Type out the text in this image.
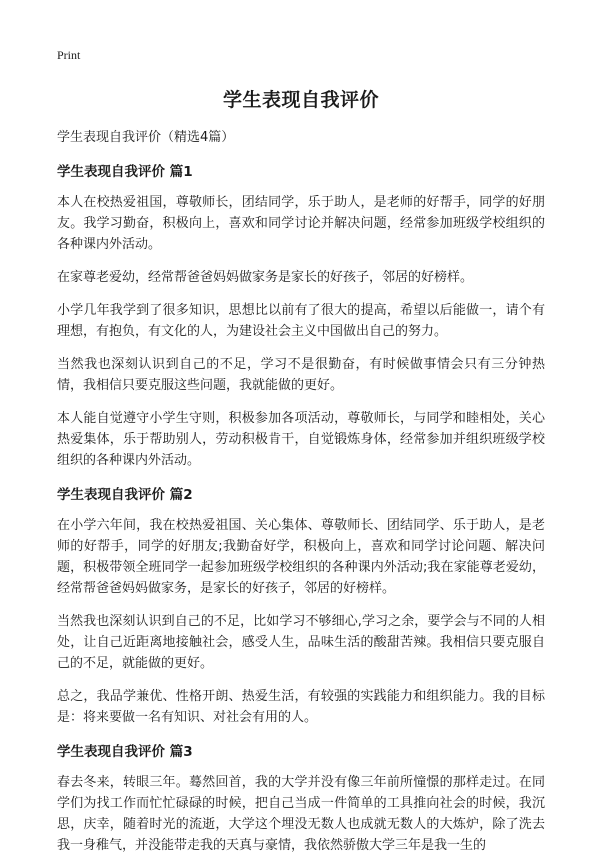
Print
学生表现自我评价

学生表现自我评价（精选4篇）

学生表现自我评价 篇1

本人在校热爱祖国，尊敬师长，团结同学，乐于助人，是老师的好帮手，同学的好朋友。我学习勤奋，积极向上，喜欢和同学讨论并解决问题，经常参加班级学校组织的各种课内外活动。

在家尊老爱幼，经常帮爸爸妈妈做家务是家长的好孩子，邻居的好榜样。

小学几年我学到了很多知识，思想比以前有了很大的提高，希望以后能做一，请个有理想，有抱负，有文化的人，为建设社会主义中国做出自己的努力。

当然我也深刻认识到自己的不足，学习不是很勤奋，有时候做事情会只有三分钟热情，我相信只要克服这些问题，我就能做的更好。

本人能自觉遵守小学生守则，积极参加各项活动，尊敬师长，与同学和睦相处，关心热爱集体，乐于帮助别人，劳动积极肯干，自觉锻炼身体，经常参加并组织班级学校组织的各种课内外活动。

学生表现自我评价 篇2

在小学六年间，我在校热爱祖国、关心集体、尊敬师长、团结同学、乐于助人，是老师的好帮手，同学的好朋友;我勤奋好学，积极向上，喜欢和同学讨论问题、解决问题，积极带领全班同学一起参加班级学校组织的各种课内外活动;我在家能尊老爱幼，经常帮爸爸妈妈做家务，是家长的好孩子，邻居的好榜样。

当然我也深刻认识到自己的不足，比如学习不够细心,学习之余，要学会与不同的人相处，让自己近距离地接触社会，感受人生，品味生活的酸甜苦辣。我相信只要克服自己的不足，就能做的更好。

总之，我品学兼优、性格开朗、热爱生活，有较强的实践能力和组织能力。我的目标是：将来要做一名有知识、对社会有用的人。

学生表现自我评价 篇3

春去冬来，转眼三年。蓦然回首，我的大学并没有像三年前所憧憬的那样走过。在同学们为找工作而忙忙碌碌的时候，把自己当成一件简单的工具推向社会的时候，我沉思，庆幸，随着时光的流逝，大学这个埋没无数人也成就无数人的大炼炉，除了洗去我一身稚气，并没能带走我的天真与豪情，我依然骄傲大学三年是我一生的
